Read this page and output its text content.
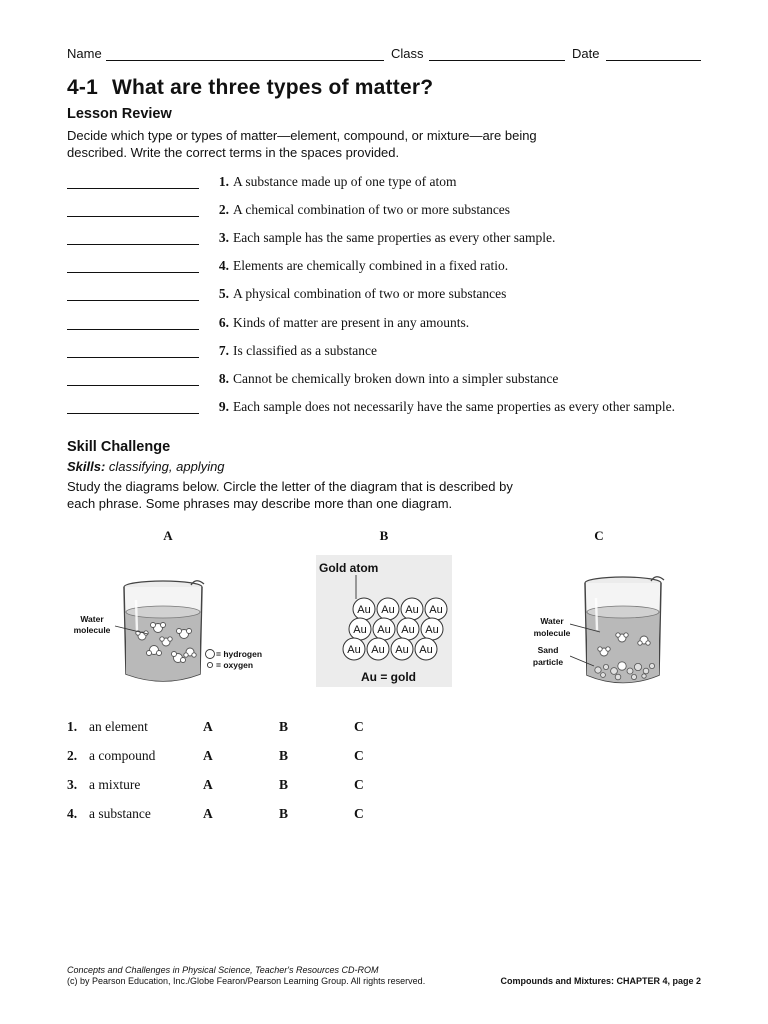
Name	Class	Date
4-1 What are three types of matter?
Lesson Review
Decide which type or types of matter—element, compound, or mixture—are being described. Write the correct terms in the spaces provided.
1. A substance made up of one type of atom
2. A chemical combination of two or more substances
3. Each sample has the same properties as every other sample.
4. Elements are chemically combined in a fixed ratio.
5. A physical combination of two or more substances
6. Kinds of matter are present in any amounts.
7. Is classified as a substance
8. Cannot be chemically broken down into a simpler substance
9. Each sample does not necessarily have the same properties as every other sample.
Skill Challenge
Skills: classifying, applying
Study the diagrams below. Circle the letter of the diagram that is described by each phrase. Some phrases may describe more than one diagram.
A	B	C
Water molecule
= hydrogen
= oxygen
Au Au Au Au
Au Au Au Au
Au Au Au Au
Gold atom
Au = gold
Water molecule
Sand particle
1. an element	A	B	C
2. a compound	A	B	C
3. a mixture	A	B	C
4. a substance	A	B	C
Concepts and Challenges in Physical Science, Teacher's Resources CD-ROM
(c) by Pearson Education, Inc./Globe Fearon/Pearson Learning Group. All rights reserved.	Compounds and Mixtures: CHAPTER 4, page 2
